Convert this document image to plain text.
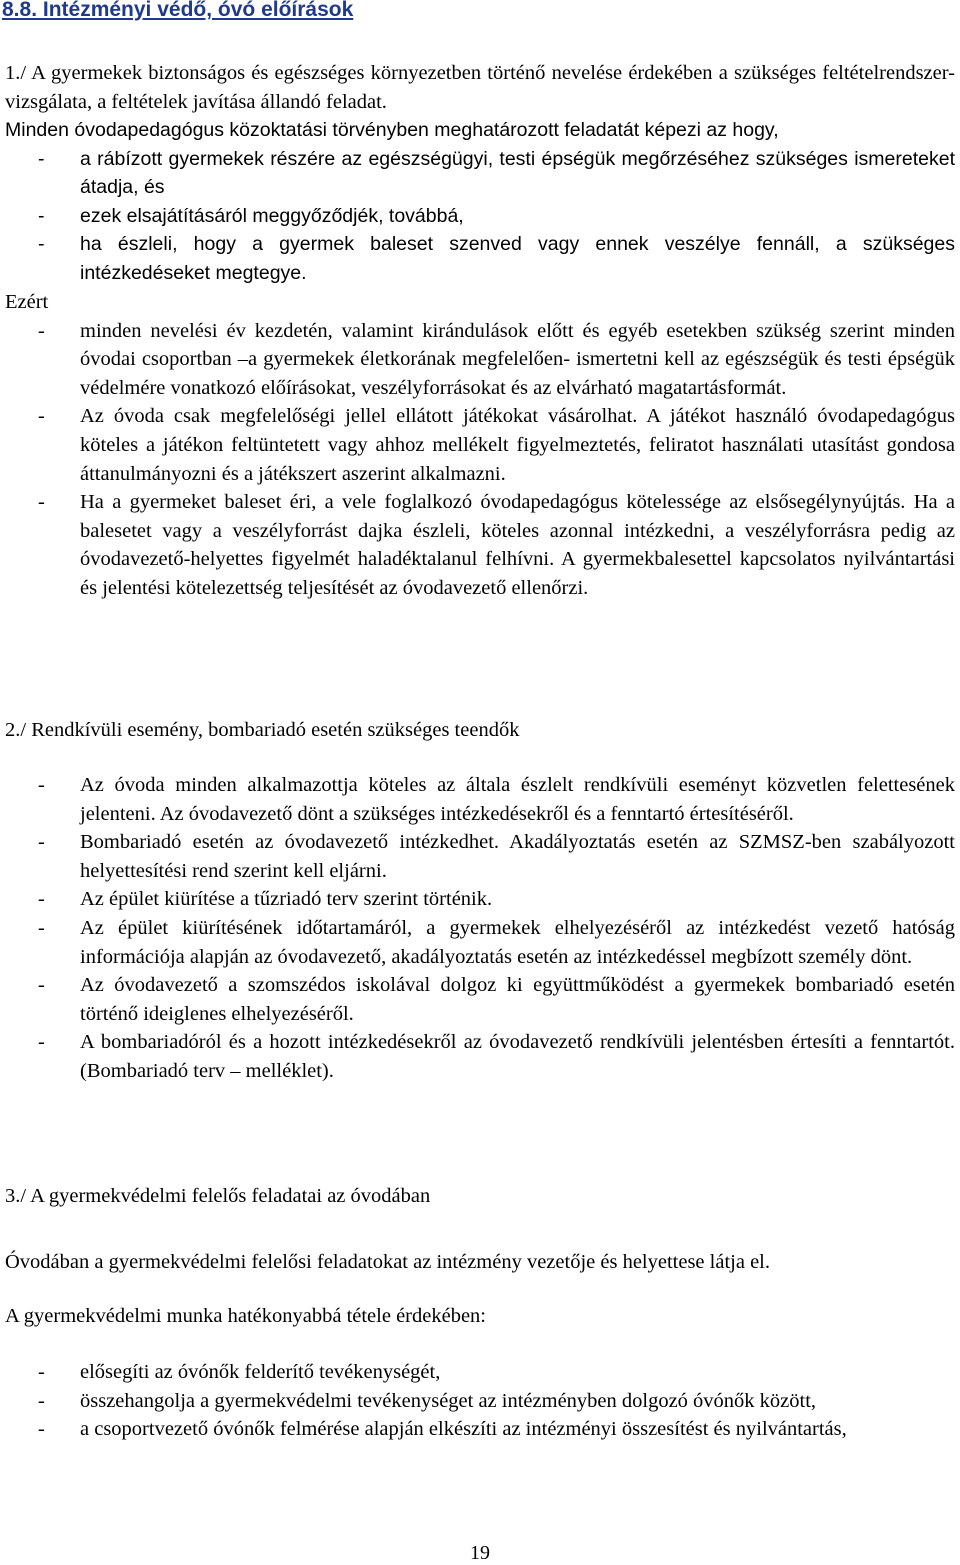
8.8. Intézményi védő, óvó előírások

1./ A gyermekek biztonságos és egészséges környezetben történő nevelése érdekében a szükséges feltételrendszer-vizsgálata, a feltételek javítása állandó feladat.

Minden óvodapedagógus közoktatási törvényben meghatározott feladatát képezi az hogy,

- a rábízott gyermekek részére az egészségügyi, testi épségük megőrzéséhez szükséges ismereteket átadja, és
- ezek elsajátításáról meggyőződjék, továbbá,
- ha észleli, hogy a gyermek baleset szenved vagy ennek veszélye fennáll, a szükséges intézkedéseket megtegye.

Ezért

- minden nevelési év kezdetén, valamint kirándulások előtt és egyéb esetekben szükség szerint minden óvodai csoportban –a gyermekek életkorának megfelelően- ismertetni kell az egészségük és testi épségük védelmére vonatkozó előírásokat, veszélyforrásokat és az elvárható magatartásformát.
- Az óvoda csak megfelelőségi jellel ellátott játékokat vásárolhat. A játékot használó óvodapedagógus köteles a játékon feltüntetett vagy ahhoz mellékelt figyelmeztetés, feliratot használati utasítást gondosa áttanulmányozni és a játékszert aszerint alkalmazni.
- Ha a gyermeket baleset éri, a vele foglalkozó óvodapedagógus kötelessége az elsősegélynyújtás. Ha a balesetet vagy a veszélyforrást dajka észleli, köteles azonnal intézkedni, a veszélyforrásra pedig az óvodavezető-helyettes figyelmét haladéktalanul felhívni. A gyermekbalesettel kapcsolatos nyilvántartási és jelentési kötelezettség teljesítését az óvodavezető ellenőrzi.

2./ Rendkívüli esemény, bombariadó esetén szükséges teendők

- Az óvoda minden alkalmazottja köteles az általa észlelt rendkívüli eseményt közvetlen felettesének jelenteni. Az óvodavezető dönt a szükséges intézkedésekről és a fenntartó értesítéséről.
- Bombariadó esetén az óvodavezető intézkedhet. Akadályoztatás esetén az SZMSZ-ben szabályozott helyettesítési rend szerint kell eljárni.
- Az épület kiürítése a tűzriadó terv szerint történik.
- Az épület kiürítésének időtartamáról, a gyermekek elhelyezéséről az intézkedést vezető hatóság információja alapján az óvodavezető, akadályoztatás esetén az intézkedéssel megbízott személy dönt.
- Az óvodavezető a szomszédos iskolával dolgoz ki együttműködést a gyermekek bombariadó esetén történő ideiglenes elhelyezéséről.
- A bombariadóról és a hozott intézkedésekről az óvodavezető rendkívüli jelentésben értesíti a fenntartót. (Bombariadó terv – melléklet).

3./ A gyermekvédelmi felelős feladatai az óvodában

Óvodában a gyermekvédelmi felelősi feladatokat az intézmény vezetője és helyettese látja el.

A gyermekvédelmi munka hatékonyabbá tétele érdekében:

- elősegíti az óvónők felderítő tevékenységét,
- összehangolja a gyermekvédelmi tevékenységet az intézményben dolgozó óvónők között,
- a csoportvezető óvónők felmérése alapján elkészíti az intézményi összesítést és nyilvántartás,
19
